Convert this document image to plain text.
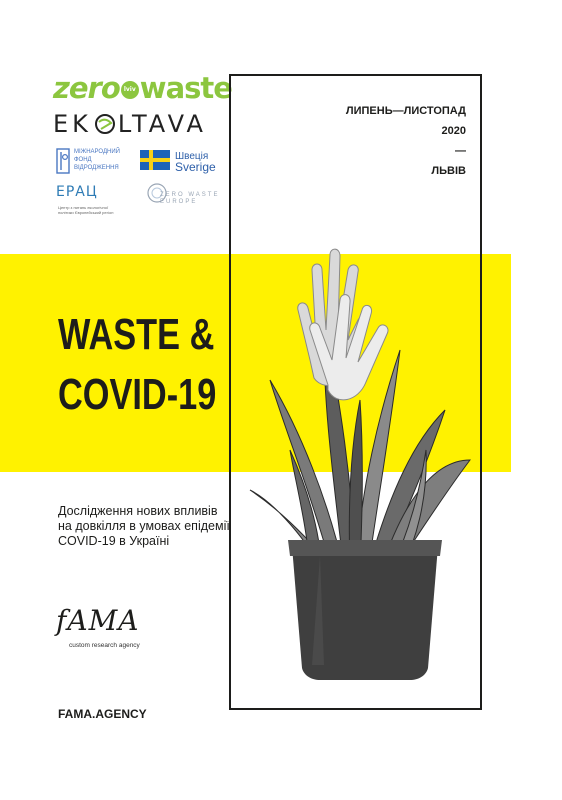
zero lviv waste
EK LTAVA
МІЖНАРОДНИЙ ФОНД ВІДРОДЖЕННЯ
Швеція
Sverige
ЕРАЦ
Центр з питань екологічної політики Європейський регіон
ZERO WASTE EUROPE
ЛИПЕНЬ—ЛИСТОПАД
2020
—
ЛЬВІВ
WASTE &
COVID-19
Дослідження нових впливів на довкілля в умовах епідемії COVID-19 в Україні
fAMA
custom research agency
FAMA.AGENCY
